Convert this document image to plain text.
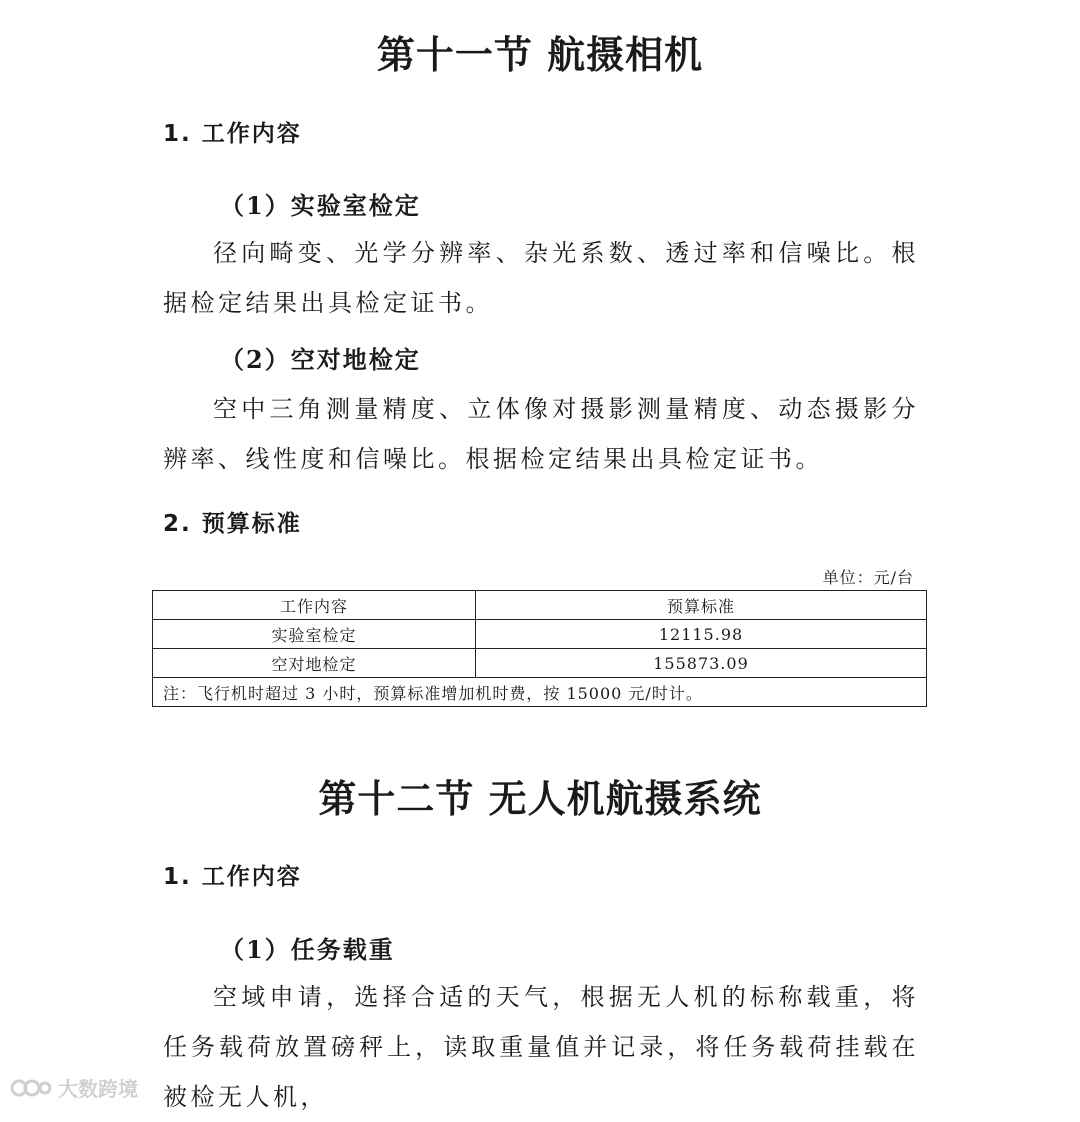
第十一节 航摄相机
1. 工作内容
（1）实验室检定

径向畸变、光学分辨率、杂光系数、透过率和信噪比。根据检定结果出具检定证书。

（2）空对地检定

空中三角测量精度、立体像对摄影测量精度、动态摄影分辨率、线性度和信噪比。根据检定结果出具检定证书。

2. 预算标准
单位：元/台
工作内容	预算标准
实验室检定	12115.98
空对地检定	155873.09
注：飞行机时超过 3 小时，预算标准增加机时费，按 15000 元/时计。	
第十二节 无人机航摄系统
1. 工作内容
（1）任务载重

空域申请，选择合适的天气，根据无人机的标称载重，将任务载荷放置磅秤上，读取重量值并记录，将任务载荷挂载在被检无人机，

大数跨境
